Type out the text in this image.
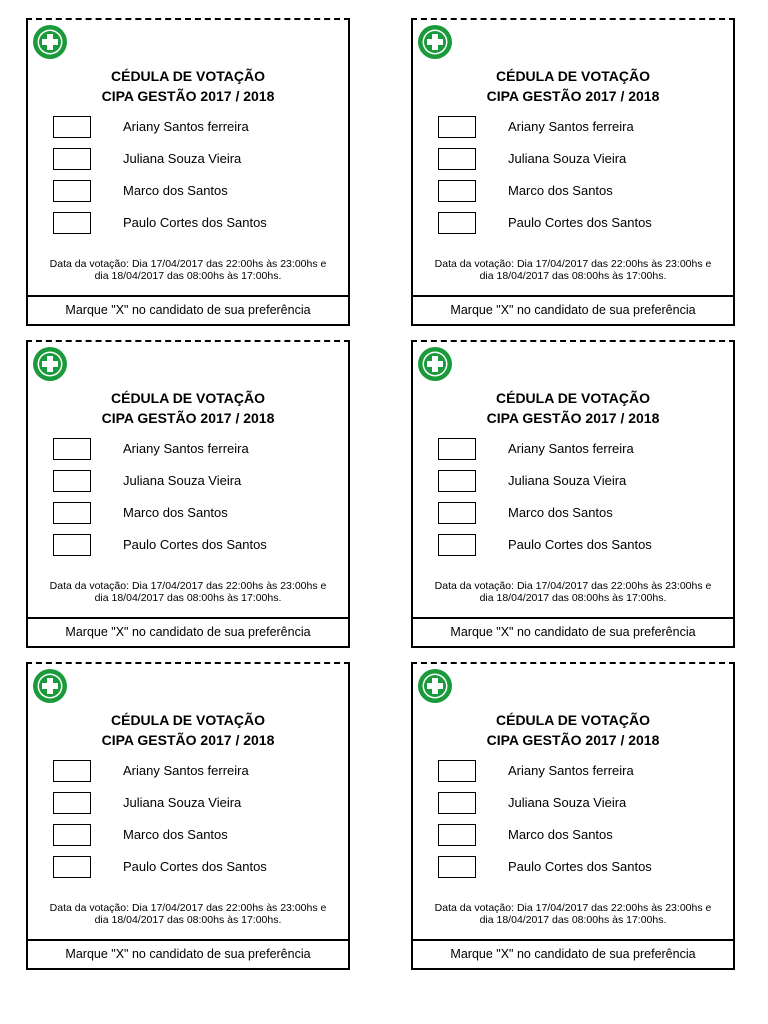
CÉDULA DE VOTAÇÃO
CIPA GESTÃO 2017 / 2018
Ariany Santos ferreira
Juliana Souza Vieira
Marco dos Santos
Paulo Cortes dos Santos
Data da votação: Dia 17/04/2017 das 22:00hs às 23:00hs e
dia 18/04/2017 das 08:00hs às 17:00hs.
Marque "X" no candidato de sua preferência
CÉDULA DE VOTAÇÃO
CIPA GESTÃO 2017 / 2018
Ariany Santos ferreira
Juliana Souza Vieira
Marco dos Santos
Paulo Cortes dos Santos
Data da votação: Dia 17/04/2017 das 22:00hs às 23:00hs e
dia 18/04/2017 das 08:00hs às 17:00hs.
Marque "X" no candidato de sua preferência
CÉDULA DE VOTAÇÃO
CIPA GESTÃO 2017 / 2018
Ariany Santos ferreira
Juliana Souza Vieira
Marco dos Santos
Paulo Cortes dos Santos
Data da votação: Dia 17/04/2017 das 22:00hs às 23:00hs e
dia 18/04/2017 das 08:00hs às 17:00hs.
Marque "X" no candidato de sua preferência
CÉDULA DE VOTAÇÃO
CIPA GESTÃO 2017 / 2018
Ariany Santos ferreira
Juliana Souza Vieira
Marco dos Santos
Paulo Cortes dos Santos
Data da votação: Dia 17/04/2017 das 22:00hs às 23:00hs e
dia 18/04/2017 das 08:00hs às 17:00hs.
Marque "X" no candidato de sua preferência
CÉDULA DE VOTAÇÃO
CIPA GESTÃO 2017 / 2018
Ariany Santos ferreira
Juliana Souza Vieira
Marco dos Santos
Paulo Cortes dos Santos
Data da votação: Dia 17/04/2017 das 22:00hs às 23:00hs e
dia 18/04/2017 das 08:00hs às 17:00hs.
Marque "X" no candidato de sua preferência
CÉDULA DE VOTAÇÃO
CIPA GESTÃO 2017 / 2018
Ariany Santos ferreira
Juliana Souza Vieira
Marco dos Santos
Paulo Cortes dos Santos
Data da votação: Dia 17/04/2017 das 22:00hs às 23:00hs e
dia 18/04/2017 das 08:00hs às 17:00hs.
Marque "X" no candidato de sua preferência
